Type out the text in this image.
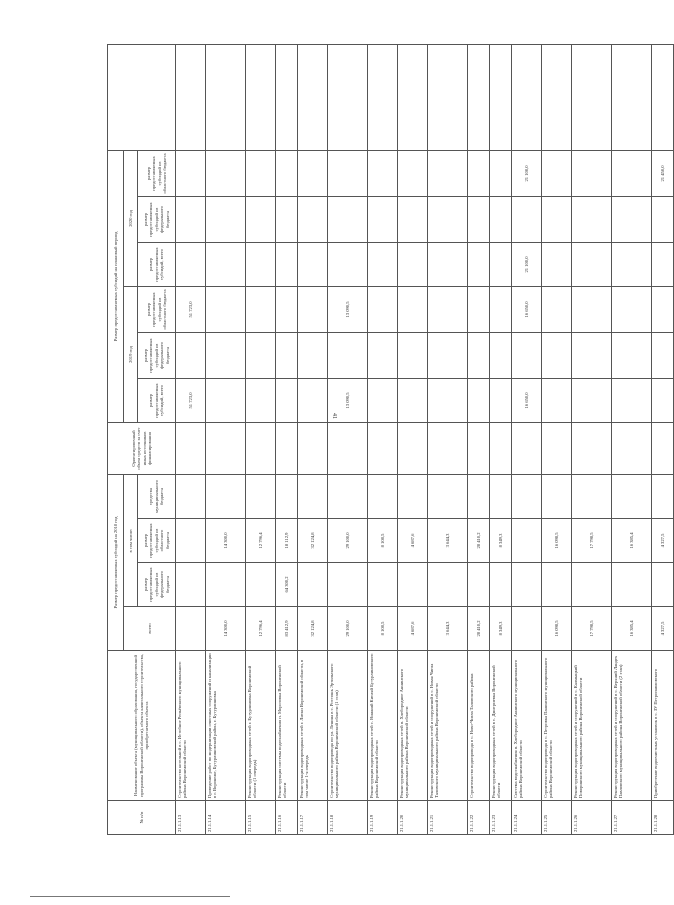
41
№ п/п	Наименование объекта (муниципального образования, государственной программы Воронежской области), объекта капитального строительства, приобретаемого объекта	Размер предоставляемых субсидий на 2018 год				Ориентировочный объем средств за счет иных источников финансирования	Размер предоставляемых субсидий на плановый период						
		всего	в том числе:				2019 год			2020 год			
			размер предоставляемых субсидий из федерального бюджета	размер предоставляемых субсидий из областного бюджета	средства муниципального бюджета		размер предоставляемых субсидий, всего	размер предоставляемых субсидий из федерального бюджета	размер предоставляемых субсидий из областного бюджета	размер предоставляемых субсидий, всего	размер предоставляемых субсидий из федерального бюджета	размер предоставляемых субсидий из областного бюджета	
21.1.1.13	Строительство котельной в с. Истобное Репьёвского муниципального района Воронежской области						51 723,0		51 723,0				
21.1.1.14	Проведение работ по модернизации очистных сооружений и канализации в г. Воронеже, Бутурлиновский район, г. Бутурлиновка	14 300,0		14 300,0									
21.1.1.15	Реконструкция водопроводных сетей г. Бутурлиновка Воронежской области (1 очередь)	12 796,4		12 796,4									
21.1.1.16	Реконструкция системы водоснабжения п. Морозовка Воронежской области	83 412,9	64 300,2	18 112,9									
21.1.1.17	Реконструкция водопроводных сетей г. Лиски Воронежской области, в том числе 1-я очередь	32 124,8		32 124,8									
21.1.1.18	Строительство водопровода по ул. Ленина в с. Ростошь Эртильского муниципального района Воронежской области (1 этап)	29 100,0		29 100,0			13 090,5		13 090,5				
21.1.1.19	Реконструкция водопроводных сетей с. Нижний Кисляй Бутурлиновского района Воронежской области	8 108,5		8 108,5									
21.1.1.20	Реконструкция водопроводных сетей п. Хлебородное Аннинского муниципального района Воронежской области	4 687,6		4 687,6									
21.1.1.21	Реконструкция водопроводных сетей и сооружений в с. Новая Чигла Таловского муниципального района Воронежской области	3 644,3		3 644,3									
21.1.1.22	Строительство водопровода в с. Ново-Чигла Таловского района	28 410,2		28 410,2									
21.1.1.23	Реконструкция водопроводных сетей в с. Дмитриевка Воронежской области	8 349,3		8 349,3									
21.1.1.24	Система водоснабжения п. Хлебородное Аннинского муниципального района Воронежской области						16 650,0		16 650,0	21 100,0		21 100,0	
21.1.1.25	Строительство водопровода в с. Петровка Панинского муниципального района Воронежской области	16 098,5		16 098,5									
21.1.1.26	Реконструкция водопроводных сетей и сооружений в с. Калмыцкий Поворинского муниципального района Воронежской области	17 798,5		17 798,5									
21.1.1.27	Реконструкция водопроводных сетей и сооружений в с. Верхний Ландех Павловского муниципального района Воронежской области (2 этап)	16 385,4		16 385,4									
21.1.1.28	Приобретение водоочистных установок в с. ЗУ Петропавловского	4 327,5		4 327,5								21 450,0	
